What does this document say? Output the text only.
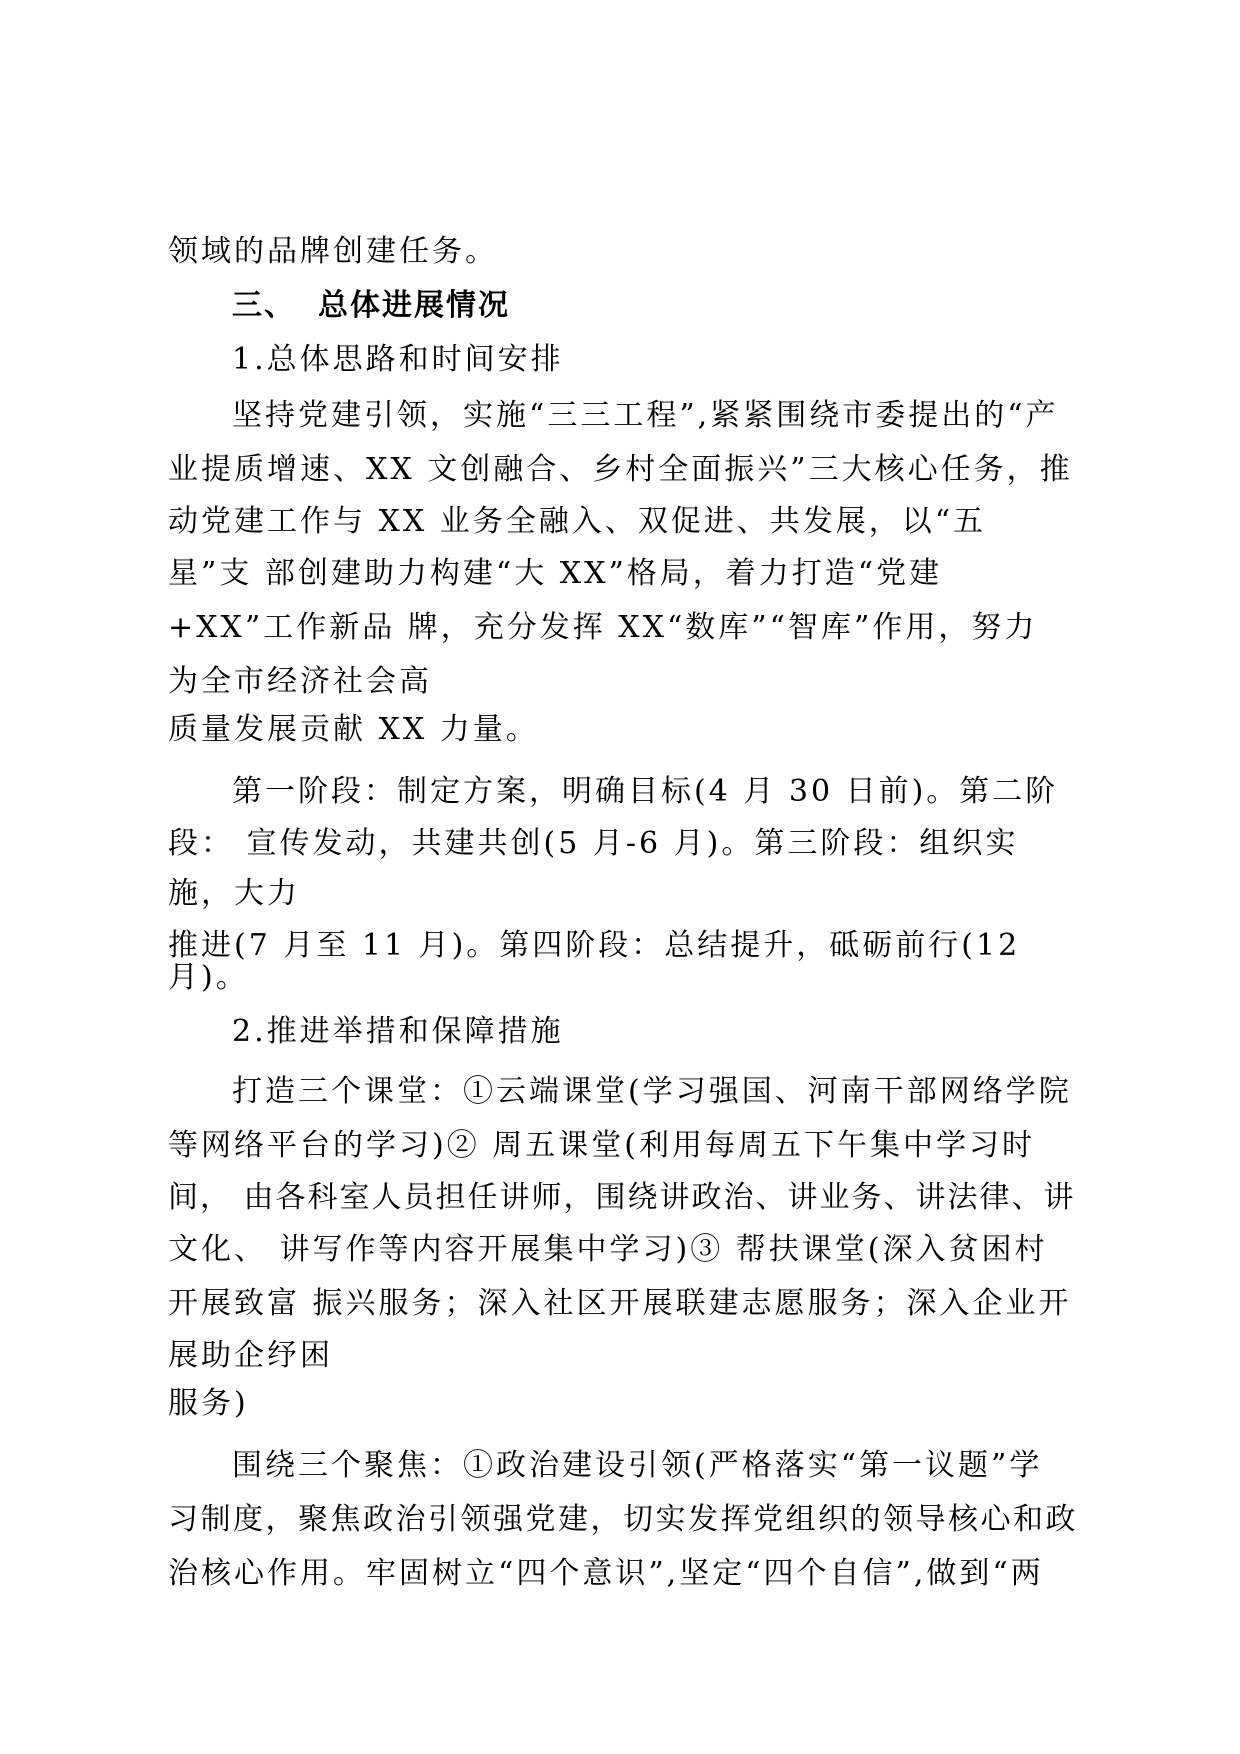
领域的品牌创建任务。
三、 总体进展情况
1.总体思路和时间安排
坚持党建引领，实施“三三工程”,紧紧围绕市委提出的“产
业提质增速、XX 文创融合、乡村全面振兴”三大核心任务，推
动党建工作与 XX 业务全融入、双促进、共发展，以“五
星”支 部创建助力构建“大 XX”格局，着力打造“党建
+XX”工作新品 牌，充分发挥 XX“数库”“智库”作用，努力
为全市经济社会高
质量发展贡献 XX 力量。
第一阶段：制定方案，明确目标(4 月 30 日前)。第二阶
段： 宣传发动，共建共创(5 月-6 月)。第三阶段：组织实
施，大力
推进(7 月至 11 月)。第四阶段：总结提升，砥砺前行(12
月)。
2.推进举措和保障措施
打造三个课堂：①云端课堂(学习强国、河南干部网络学院
等网络平台的学习)② 周五课堂(利用每周五下午集中学习时
间， 由各科室人员担任讲师，围绕讲政治、讲业务、讲法律、讲
文化、 讲写作等内容开展集中学习)③ 帮扶课堂(深入贫困村
开展致富 振兴服务；深入社区开展联建志愿服务；深入企业开
展助企纾困
服务)
围绕三个聚焦：①政治建设引领(严格落实“第一议题”学
习制度，聚焦政治引领强党建，切实发挥党组织的领导核心和政
治核心作用。牢固树立“四个意识”,坚定“四个自信”,做到“两
